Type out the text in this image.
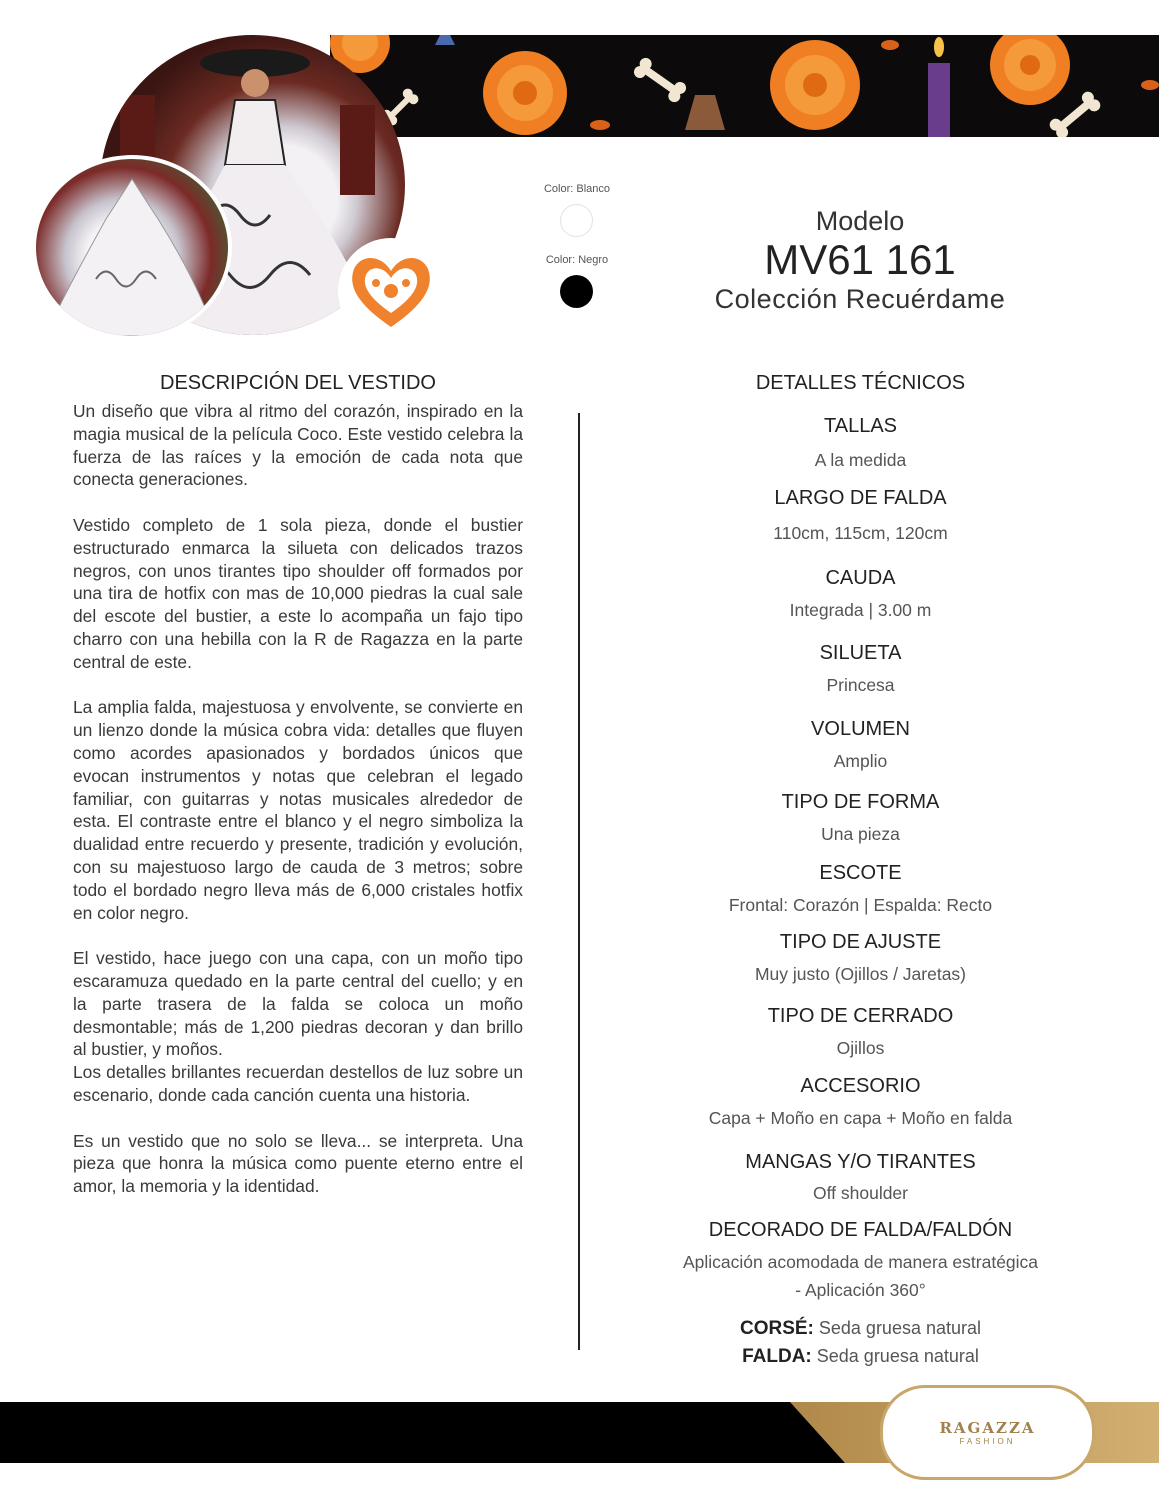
Color: Blanco
Color: Negro
Modelo
MV61 161
Colección Recuérdame
DESCRIPCIÓN DEL VESTIDO

Un diseño que vibra al ritmo del corazón, inspirado en la magia musical de la película Coco. Este vestido celebra la fuerza de las raíces y la emoción de cada nota que conecta generaciones.

Vestido completo de 1 sola pieza, donde el bustier estructurado enmarca la silueta con delicados trazos negros, con unos tirantes tipo shoulder off formados por una tira de hotfix con mas de 10,000 piedras la cual sale del escote del bustier, a este lo acompaña un fajo tipo charro con una hebilla con la R de Ragazza en la parte central de este.

La amplia falda, majestuosa y envolvente, se convierte en un lienzo donde la música cobra vida: detalles que fluyen como acordes apasionados y bordados únicos que evocan instrumentos y notas que celebran el legado familiar, con guitarras y notas musicales alrededor de esta. El contraste entre el blanco y el negro simboliza la dualidad entre recuerdo y presente, tradición y evolución, con su majestuoso largo de cauda de 3 metros; sobre todo el bordado negro lleva más de 6,000 cristales hotfix en color negro.

El vestido, hace juego con una capa, con un moño tipo escaramuza quedado en la parte central del cuello; y en la parte trasera de la falda se coloca un moño desmontable; más de 1,200 piedras decoran y dan brillo al bustier, y moños.

Los detalles brillantes recuerdan destellos de luz sobre un escenario, donde cada canción cuenta una historia.

Es un vestido que no solo se lleva... se interpreta. Una pieza que honra la música como puente eterno entre el amor, la memoria y la identidad.

DETALLES TÉCNICOS
TALLAS
A la medida
LARGO DE FALDA
110cm, 115cm, 120cm
CAUDA
Integrada | 3.00 m
SILUETA
Princesa
VOLUMEN
Amplio
TIPO DE FORMA
Una pieza
ESCOTE
Frontal: Corazón | Espalda: Recto
TIPO DE AJUSTE
Muy justo (Ojillos / Jaretas)
TIPO DE CERRADO
Ojillos
ACCESORIO
Capa + Moño en capa + Moño en falda
MANGAS Y/O TIRANTES
Off shoulder
DECORADO DE FALDA/FALDÓN
Aplicación acomodada de manera estratégica
- Aplicación 360°
CORSÉ: Seda gruesa natural
FALDA: Seda gruesa natural
RAGAZZA
FASHION
